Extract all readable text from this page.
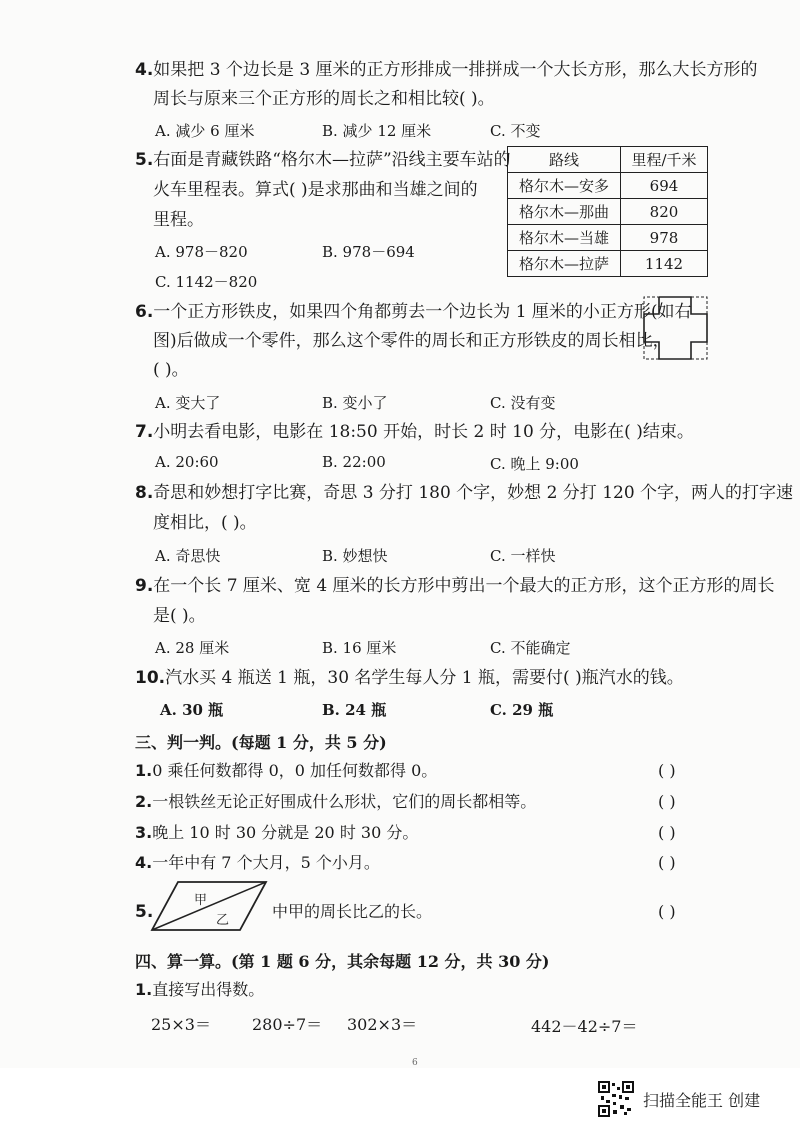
4.如果把 3 个边长是 3 厘米的正方形排成一排拼成一个大长方形，那么大长方形的
周长与原来三个正方形的周长之和相比较( )。
A. 减少 6 厘米	B. 减少 12 厘米	C. 不变
5.右面是青藏铁路“格尔木—拉萨”沿线主要车站的
火车里程表。算式( )是求那曲和当雄之间的
里程。
A. 978－820	B. 978－694
C. 1142－820
路线	里程/千米
格尔木—安多	694
格尔木—那曲	820
格尔木—当雄	978
格尔木—拉萨	1142
6.一个正方形铁皮，如果四个角都剪去一个边长为 1 厘米的小正方形(如右
图)后做成一个零件，那么这个零件的周长和正方形铁皮的周长相比，
( )。
A. 变大了	B. 变小了	C. 没有变
7.小明去看电影，电影在 18:50 开始，时长 2 时 10 分，电影在( )结束。
A. 20:60	B. 22:00	C. 晚上 9:00
8.奇思和妙想打字比赛，奇思 3 分打 180 个字，妙想 2 分打 120 个字，两人的打字速
度相比，( )。
A. 奇思快	B. 妙想快	C. 一样快
9.在一个长 7 厘米、宽 4 厘米的长方形中剪出一个最大的正方形，这个正方形的周长
是( )。
A. 28 厘米	B. 16 厘米	C. 不能确定
10.汽水买 4 瓶送 1 瓶，30 名学生每人分 1 瓶，需要付( )瓶汽水的钱。
A. 30 瓶	B. 24 瓶	C. 29 瓶
三、判一判。(每题 1 分，共 5 分)
1.0 乘任何数都得 0，0 加任何数都得 0。	( )
2.一根铁丝无论正好围成什么形状，它们的周长都相等。	( )
3.晚上 10 时 30 分就是 20 时 30 分。	( )
4.一年中有 7 个大月，5 个小月。	( )
5.
甲
乙	中甲的周长比乙的长。	( )
四、算一算。(第 1 题 6 分，其余每题 12 分，共 30 分)
1.直接写出得数。
25×3＝	280÷7＝ 302×3＝	442－42÷7＝
6
扫描全能王 创建
